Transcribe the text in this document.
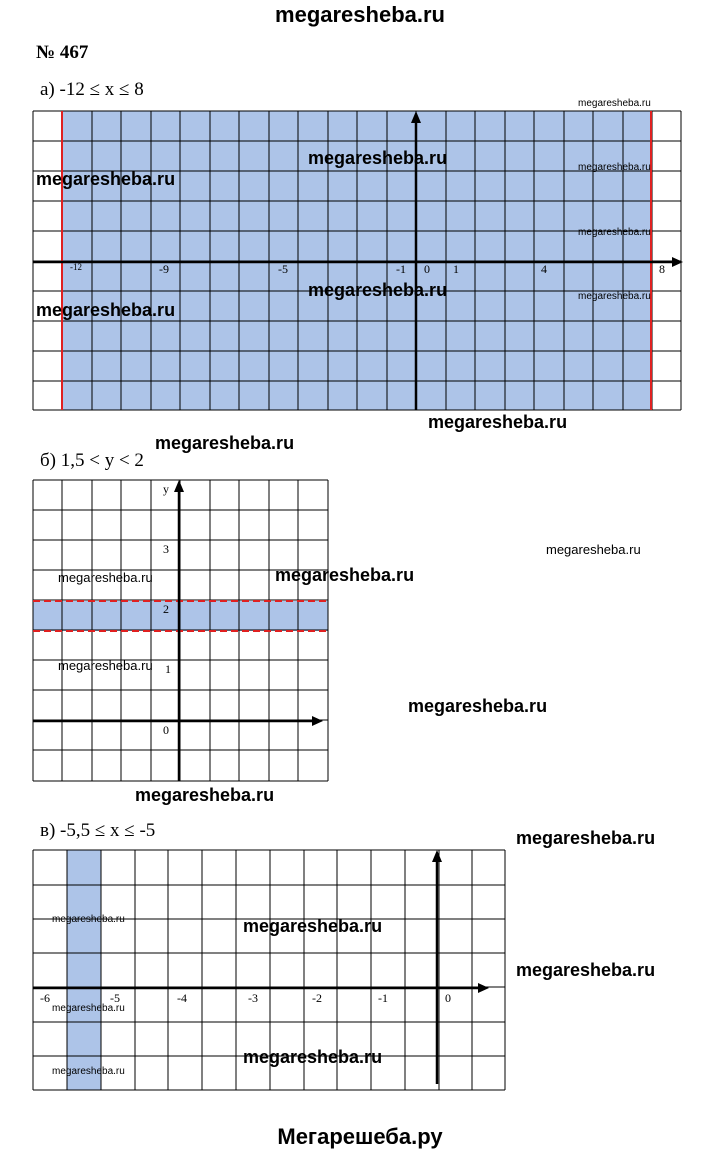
megaresheba.ru
№ 467
а) -12 ≤ x ≤ 8
-12	-9	-5	-1 0 1	4	8
б) 1,5 < y < 2
y
3
2
1
0
в) -5,5 ≤ x ≤ -5
-6	-5	-4	-3	-2	-1	0
megaresheba.ru
megaresheba.ru	megaresheba.ru
megaresheba.ru
megaresheba.ru
megaresheba.ru	megaresheba.ru
megaresheba.ru
megaresheba.ru
megaresheba.ru
megaresheba.ru
megaresheba.ru	megaresheba.ru
megaresheba.ru
megaresheba.ru
megaresheba.ru
megaresheba.ru
megaresheba.ru	megaresheba.ru
megaresheba.ru
megaresheba.ru
megaresheba.ru
megaresheba.ru
Мегарешеба.ру
